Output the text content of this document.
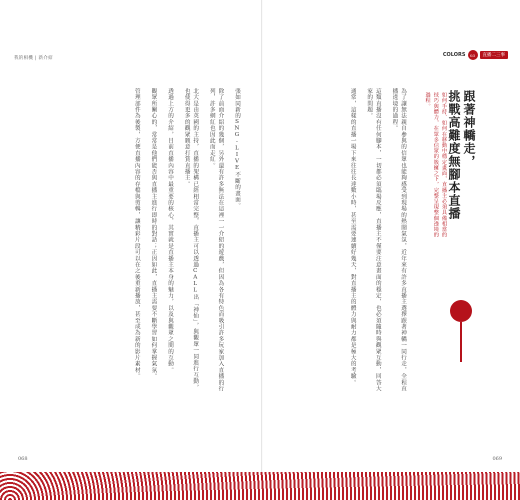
我的相機 | 新介紹

張如同新的SNG-LIVE不斷的畫面。

除了前面介紹的幾個，另外還有許多無法在這裡一一介紹的遊戲，但因為各有特色而吸引許多玩家加入直播的行列，許多網紅也因此而走紅。

北大是由英國的主持，直播的架構已經相當完整，直播主可以透過CALL出「神仙」，與觀眾一同進行互動，也使得更多的觀眾願意打賞直播主。

透過上方的介紹，目前直播內容中最重要的核心，其實就是直播主本身的魅力，以及與觀眾之間的互動。

觀眾所關心的，常常是他們能否與直播主進行即時的對話；正因如此，直播主需要不斷學習如何掌握氣氛。

管理部件為後製，方便直播內容的存檔與剪輯，讓精彩片段可以在之後重新播放，甚至成為新的影片素材。

068
COLORS	03	直播二三事
跟著神轎走，
挑戰高難度無腳本直播
如何手持、如何在移動中穩定畫面，直播主必須具備相當的技巧與體力，在眾多信眾的簇擁之下，完整呈現整個遶境的過程。

為了讓無法親自參與的信眾也能夠感受到現場的熱鬧氣氛，近年來有許多直播主選擇跟著神轎一同行走，全程直播遶境的過程。

這類直播沒有任何腳本，一切都必須臨場反應，直播主不僅要注意畫面的穩定，也必須隨時與觀眾互動，回答大家的問題。

通常，這樣的直播一場下來往往長達數小時，甚至需要連續好幾天，對直播主的體力與耐力都是極大的考驗。

069
